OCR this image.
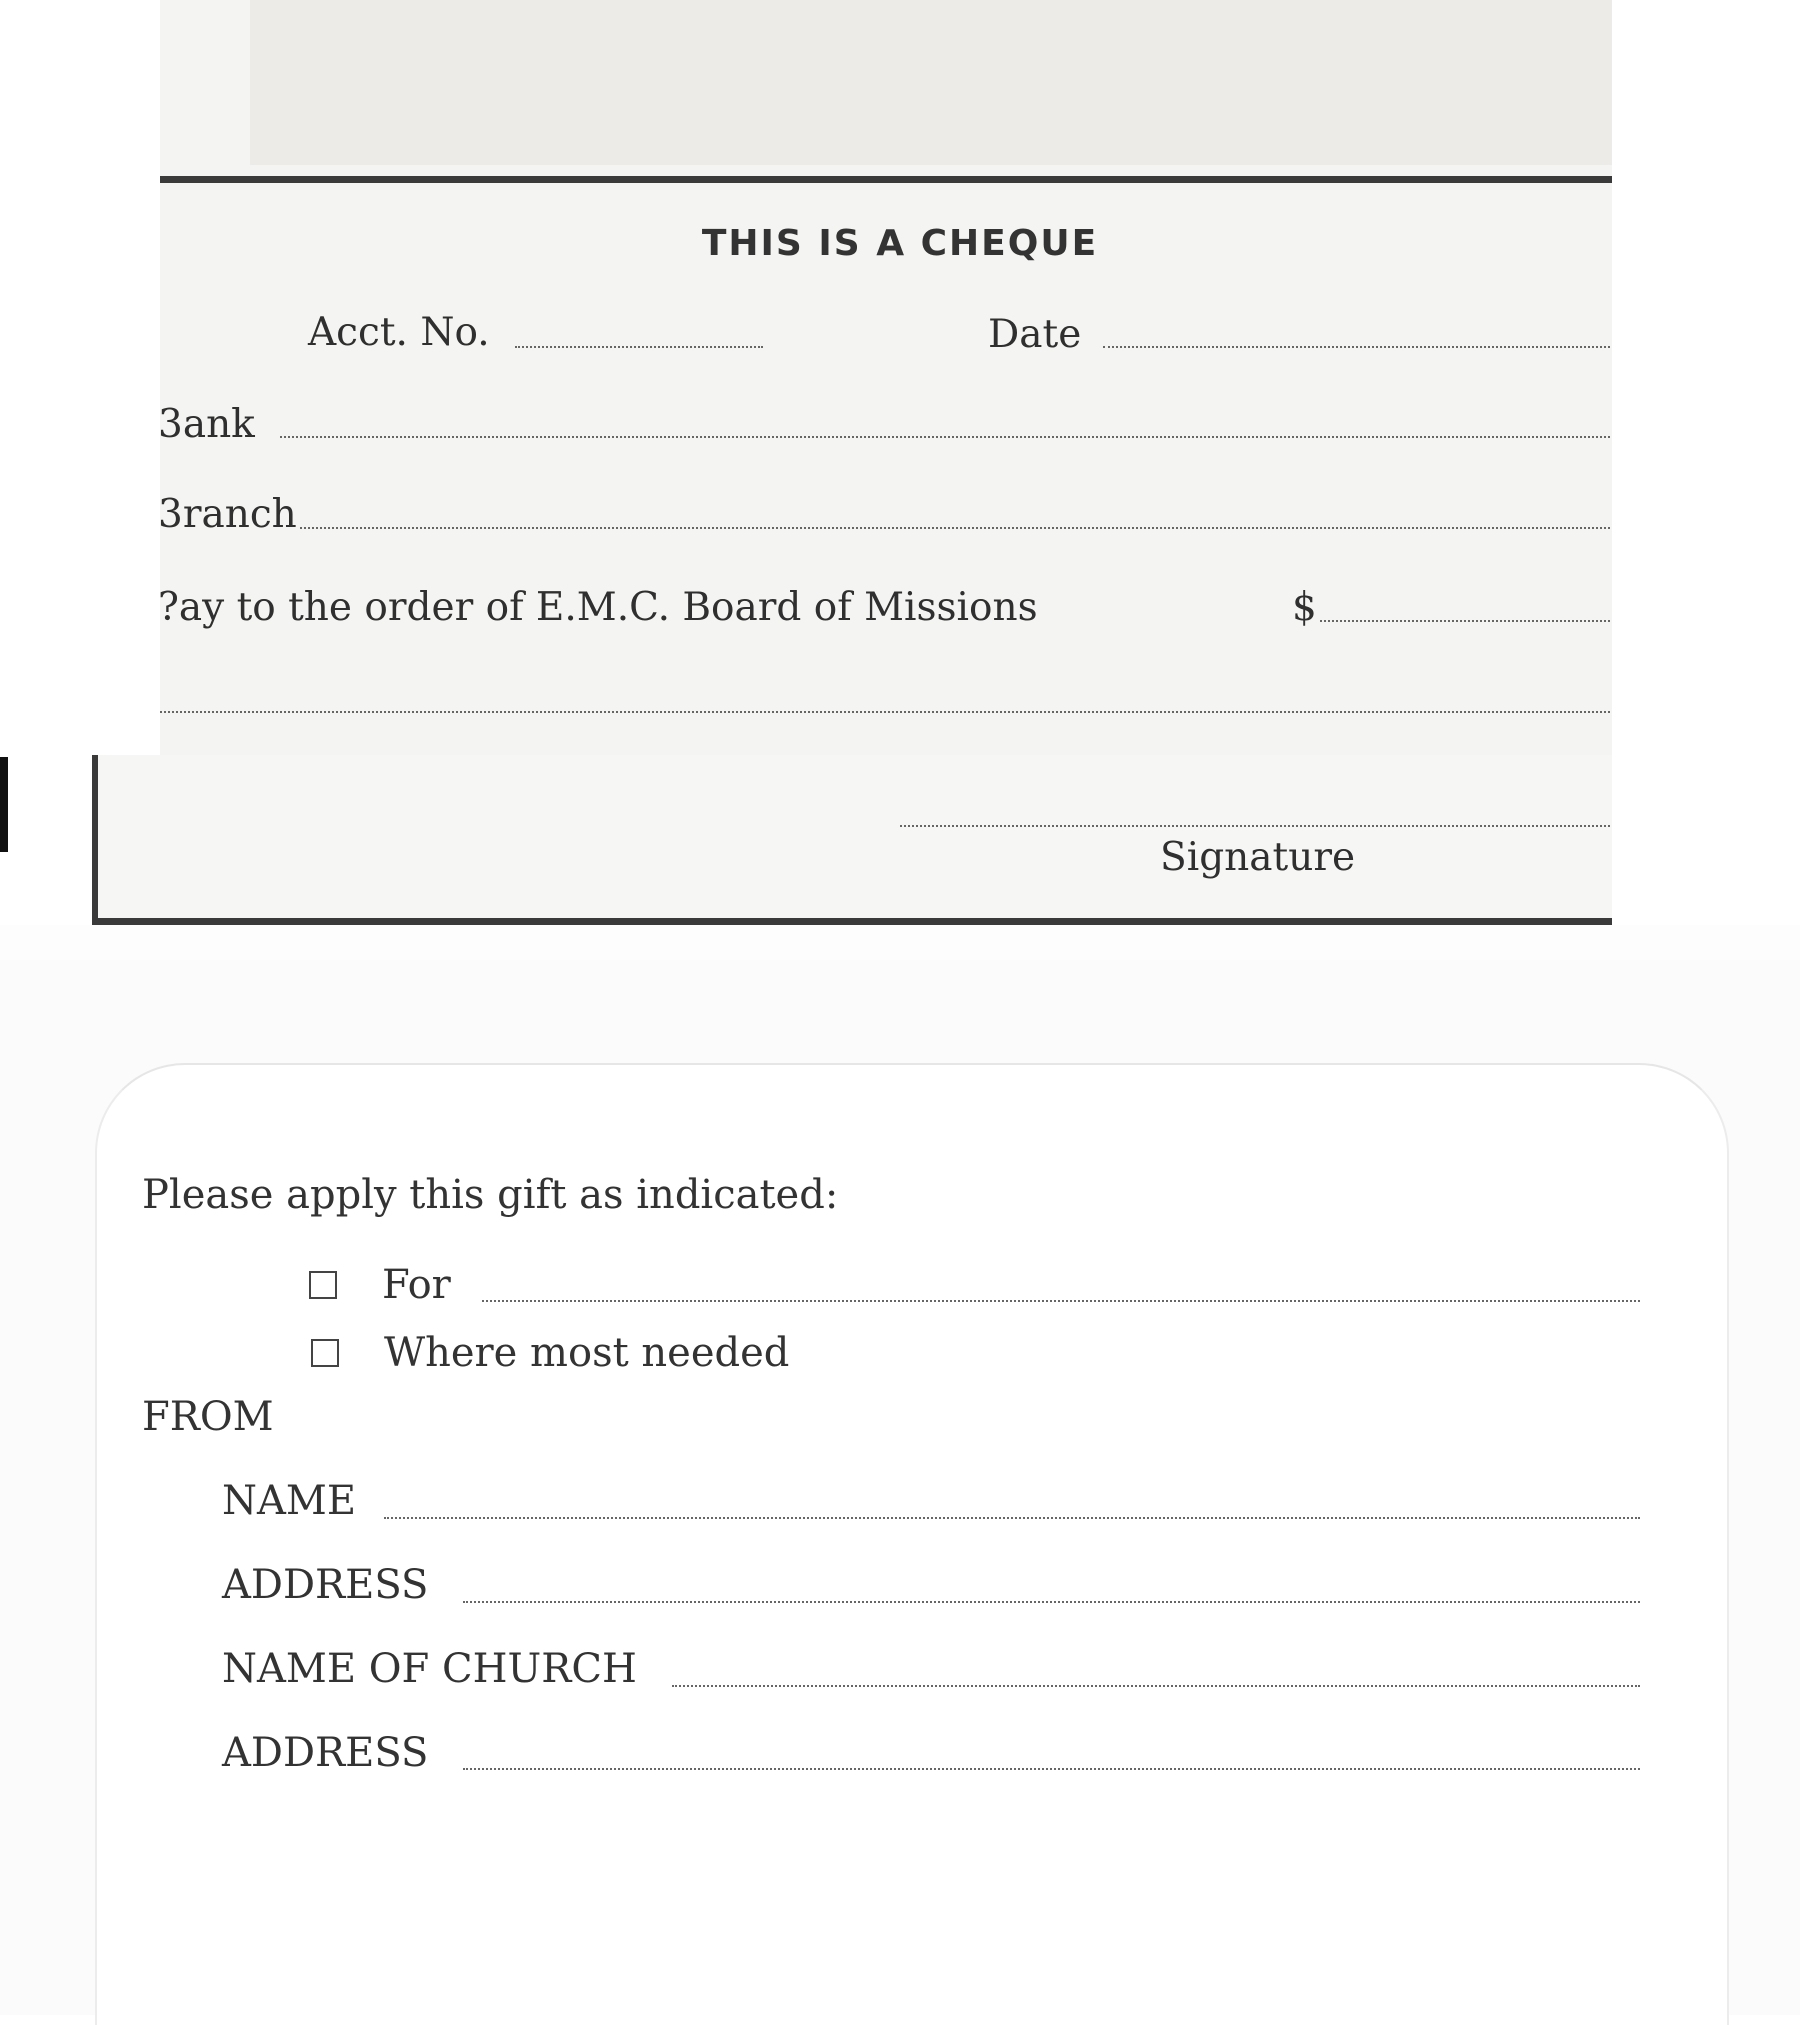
THIS IS A CHEQUE
Acct. No.	Date
3ank
3ranch
?ay to the order of E.M.C. Board of Missions	$
Signature
Please apply this gift as indicated:
For
Where most needed
FROM
NAME
ADDRESS
NAME OF CHURCH
ADDRESS
